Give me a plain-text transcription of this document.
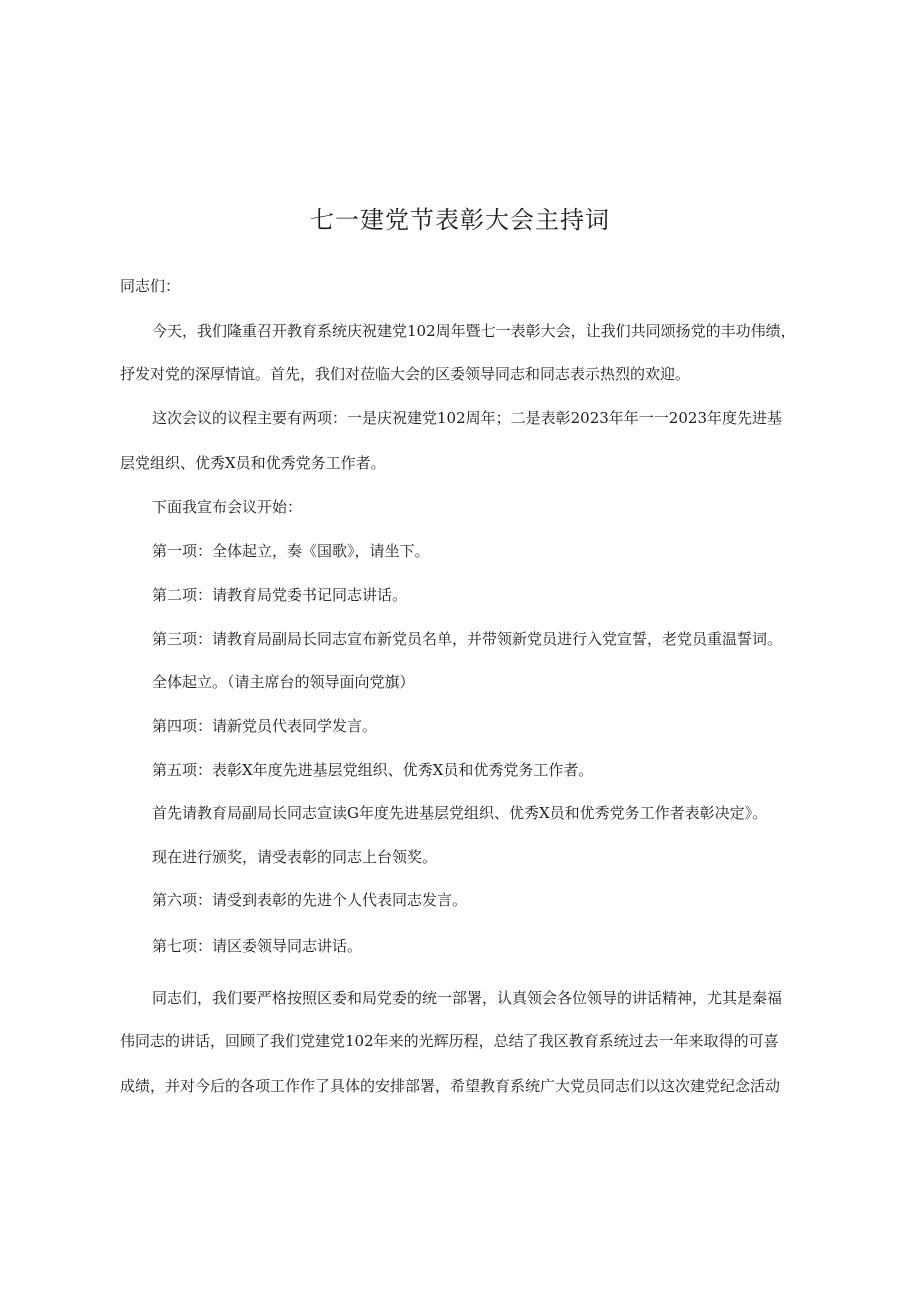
七一建党节表彰大会主持词
同志们：
今天，我们隆重召开教育系统庆祝建党102周年暨七一表彰大会，让我们共同颂扬党的丰功伟绩，
抒发对党的深厚情谊。首先，我们对莅临大会的区委领导同志和同志表示热烈的欢迎。
这次会议的议程主要有两项：一是庆祝建党102周年；二是表彰2023年年一一2023年度先进基
层党组织、优秀X员和优秀党务工作者。
下面我宣布会议开始：
第一项：全体起立，奏《国歌》，请坐下。
第二项：请教育局党委书记同志讲话。
第三项：请教育局副局长同志宣布新党员名单，并带领新党员进行入党宣誓，老党员重温誓词。
全体起立。（请主席台的领导面向党旗）
第四项：请新党员代表同学发言。
第五项：表彰X年度先进基层党组织、优秀X员和优秀党务工作者。
首先请教育局副局长同志宣读G年度先进基层党组织、优秀X员和优秀党务工作者表彰决定》。
现在进行颁奖，请受表彰的同志上台领奖。
第六项：请受到表彰的先进个人代表同志发言。
第七项：请区委领导同志讲话。
同志们，我们要严格按照区委和局党委的统一部署，认真领会各位领导的讲话精神，尤其是秦福
伟同志的讲话，回顾了我们党建党102年来的光辉历程，总结了我区教育系统过去一年来取得的可喜
成绩，并对今后的各项工作作了具体的安排部署，希望教育系统广大党员同志们以这次建党纪念活动
